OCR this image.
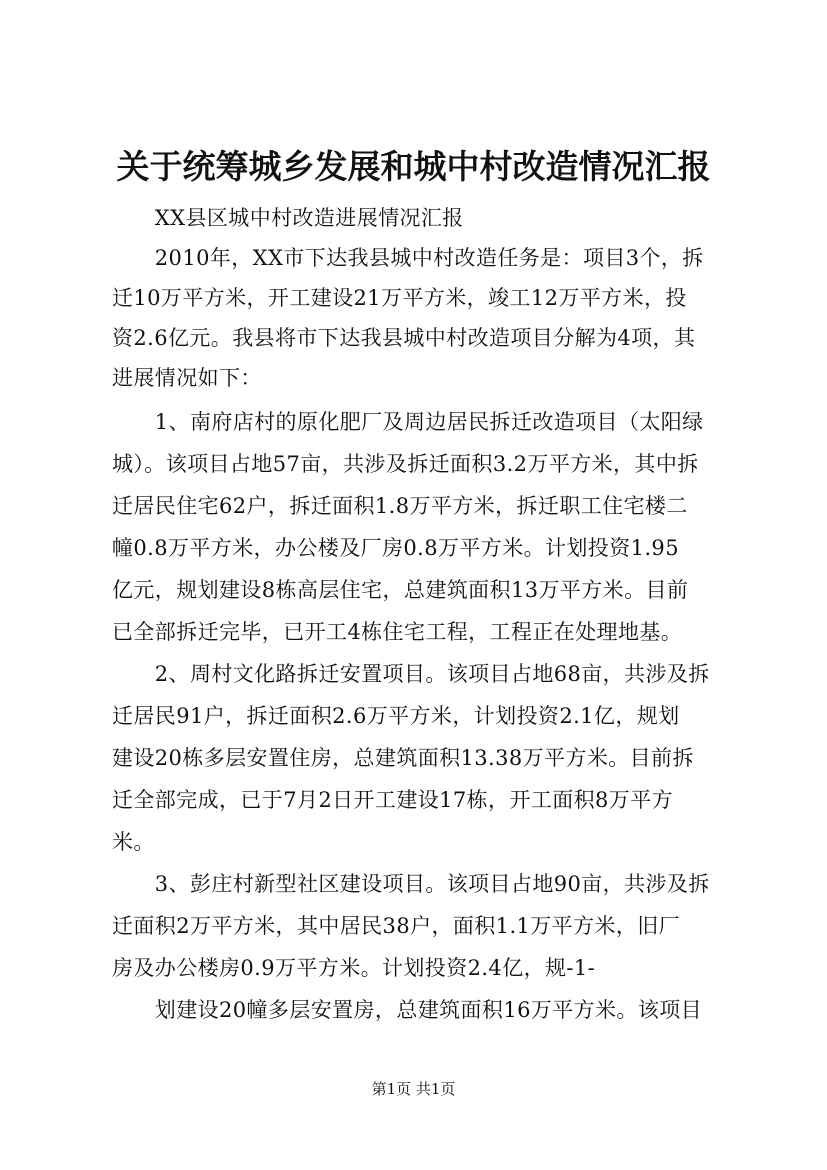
关于统筹城乡发展和城中村改造情况汇报
　　XX县区城中村改造进展情况汇报
　　2010年，XX市下达我县城中村改造任务是：项目3个，拆
迁10万平方米，开工建设21万平方米，竣工12万平方米，投
资2.6亿元。我县将市下达我县城中村改造项目分解为4项，其
进展情况如下：
　　1、南府店村的原化肥厂及周边居民拆迁改造项目（太阳绿
城）。该项目占地57亩，共涉及拆迁面积3.2万平方米，其中拆
迁居民住宅62户，拆迁面积1.8万平方米，拆迁职工住宅楼二
幢0.8万平方米，办公楼及厂房0.8万平方米。计划投资1.95
亿元，规划建设8栋高层住宅，总建筑面积13万平方米。目前
已全部拆迁完毕，已开工4栋住宅工程，工程正在处理地基。
　　2、周村文化路拆迁安置项目。该项目占地68亩，共涉及拆
迁居民91户，拆迁面积2.6万平方米，计划投资2.1亿，规划
建设20栋多层安置住房，总建筑面积13.38万平方米。目前拆
迁全部完成，已于7月2日开工建设17栋，开工面积8万平方
米。
　　3、彭庄村新型社区建设项目。该项目占地90亩，共涉及拆
迁面积2万平方米，其中居民38户，面积1.1万平方米，旧厂
房及办公楼房0.9万平方米。计划投资2.4亿，规-1-
　　划建设20幢多层安置房，总建筑面积16万平方米。该项目
第1页 共1页
